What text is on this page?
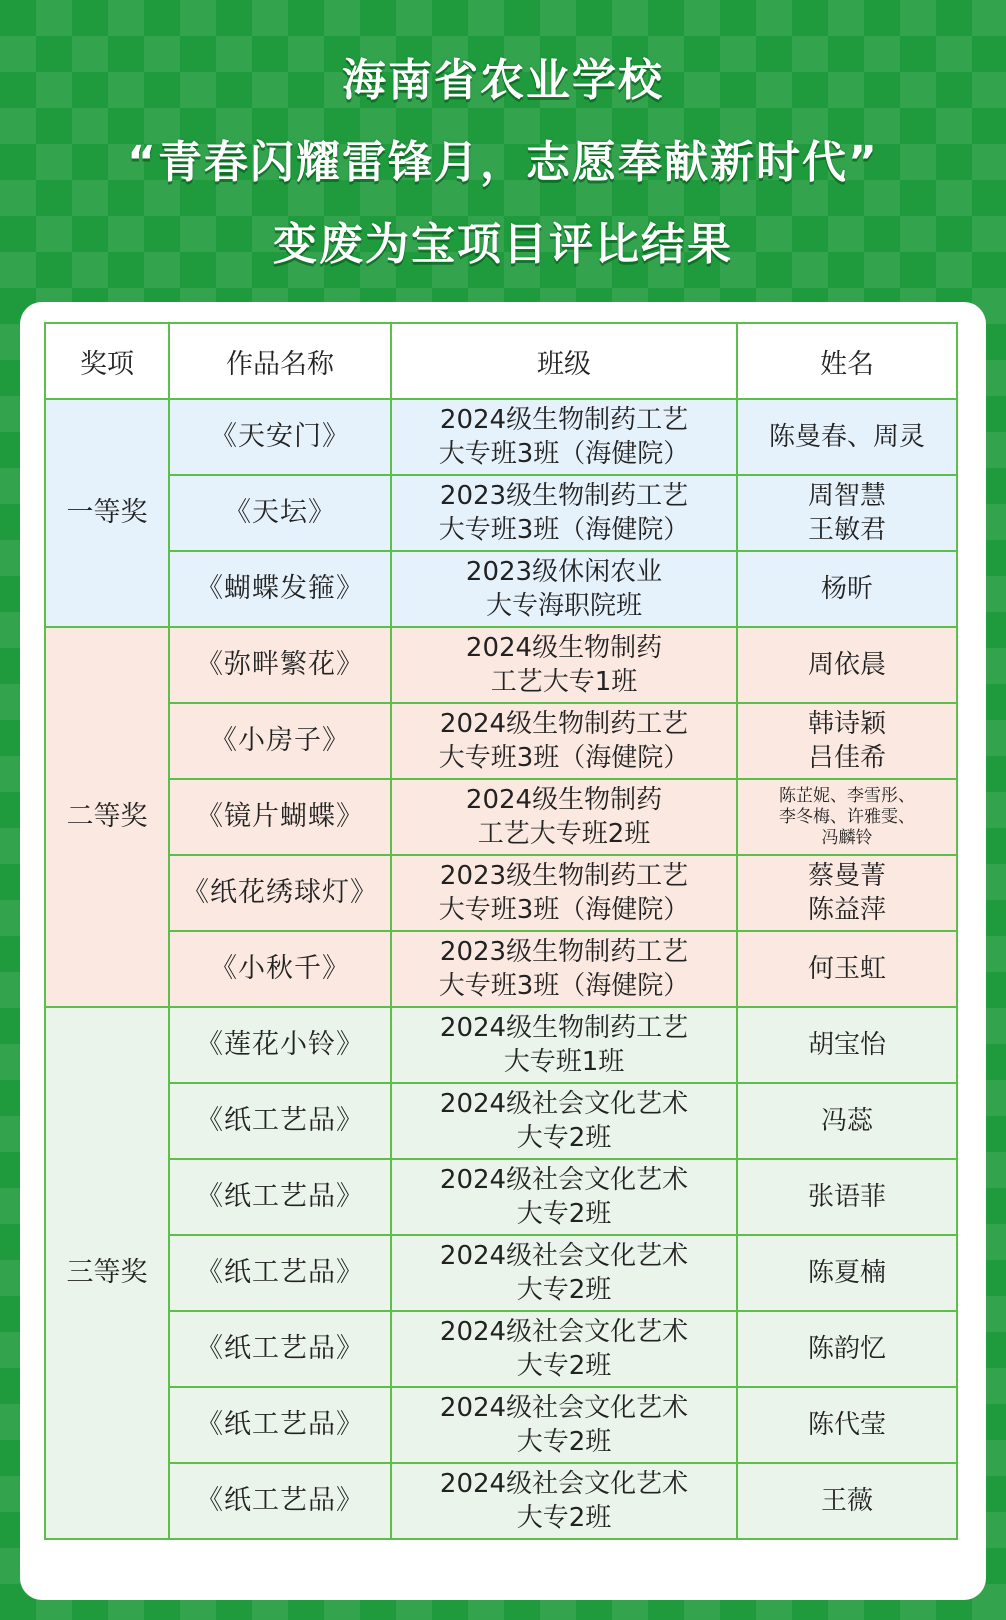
海南省农业学校
“青春闪耀雷锋月，志愿奉献新时代”
变废为宝项目评比结果
奖项	作品名称	班级	姓名
一等奖	《天安门》	2024级生物制药工艺
大专班3班（海健院）	陈曼春、周灵

	《天坛》	2023级生物制药工艺
大专班3班（海健院）	周智慧
王敏君

	《蝴蝶发箍》	2023级休闲农业
大专海职院班	杨昕

二等奖	《弥畔繁花》	2024级生物制药
工艺大专1班	周依晨

	《小房子》	2024级生物制药工艺
大专班3班（海健院）	韩诗颖
吕佳希

	《镜片蝴蝶》	2024级生物制药
工艺大专班2班	陈芷妮、李雪彤、
李冬梅、许雅雯、
冯麟铃

	《纸花绣球灯》	2023级生物制药工艺
大专班3班（海健院）	蔡曼菁
陈益萍

	《小秋千》	2023级生物制药工艺
大专班3班（海健院）	何玉虹

三等奖	《莲花小铃》	2024级生物制药工艺
大专班1班	胡宝怡

	《纸工艺品》	2024级社会文化艺术
大专2班	冯蕊

	《纸工艺品》	2024级社会文化艺术
大专2班	张语菲

	《纸工艺品》	2024级社会文化艺术
大专2班	陈夏楠

	《纸工艺品》	2024级社会文化艺术
大专2班	陈韵忆

	《纸工艺品》	2024级社会文化艺术
大专2班	陈代莹

	《纸工艺品》	2024级社会文化艺术
大专2班	王薇
